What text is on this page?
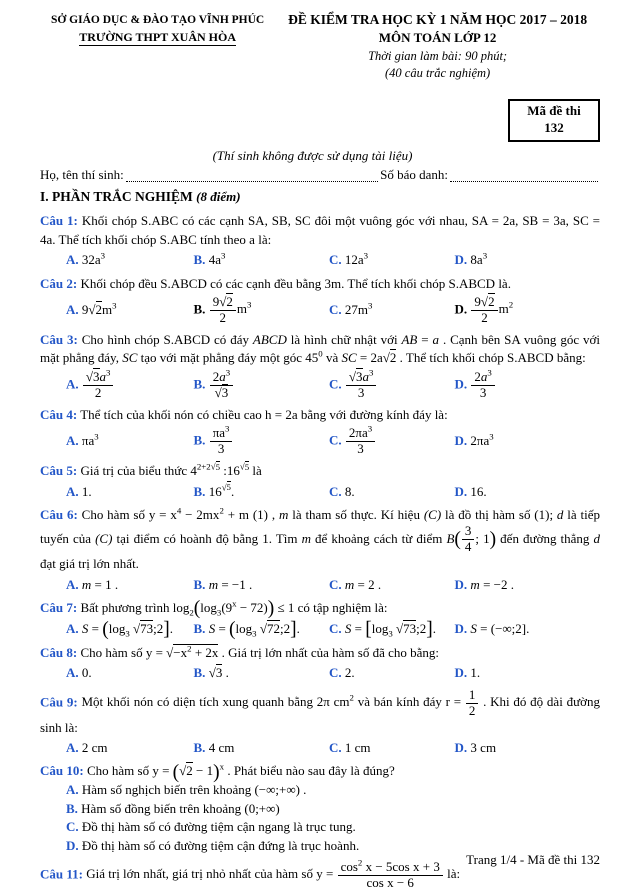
SỞ GIÁO DỤC & ĐÀO TẠO VĨNH PHÚC
TRƯỜNG THPT XUÂN HÒA
ĐỀ KIỂM TRA HỌC KỲ 1 NĂM HỌC 2017 – 2018
MÔN TOÁN LỚP 12
Thời gian làm bài: 90 phút;
(40 câu trắc nghiệm)
Mã đề thi
132
(Thí sinh không được sử dụng tài liệu)
Họ, tên thí sinh:	Số báo danh:
I. PHẦN TRẮC NGHIỆM (8 điểm)
Câu 1: Khối chóp S.ABC có các cạnh SA, SB, SC đôi một vuông góc với nhau, SA = 2a, SB = 3a, SC = 4a. Thể tích khối chóp S.ABC tính theo a là:
A. $32a^3$	B. $4a^3$	C. $12a^3$	D. $8a^3$
Câu 2: Khối chóp đều S.ABCD có các cạnh đều bằng 3m. Thể tích khối chóp S.ABCD là.
A. $9√2m^3$	B. $\frac{9√2}{2} m^3$	C. $27m^3$	D. $\frac{9√2}{2} m^2$
Câu 3: Cho hình chóp S.ABCD có đáy ABCD là hình chữ nhật với AB = a . Cạnh bên SA vuông góc với mặt phẳng đáy, SC tạo với mặt phẳng đáy một góc $45^0$ và SC = 2a√2 . Thể tích khối chóp S.ABCD bằng:
A. $\frac{√3a^3}{2}$	B. $\frac{2a^3}{√3}$	C. $\frac{√3a^3}{3}$	D. $\frac{2a^3}{3}$
Câu 4: Thể tích của khối nón có chiều cao h = 2a bằng với đường kính đáy là:
A. $\pi a^3$	B. $\frac{\pi a^3}{3}$	C. $\frac{2\pi a^3}{3}$	D. $2\pi a^3$
Câu 5: Giá trị của biểu thức $4^{2+2√5}$ $:16^{√5}$ là
A. 1.	B. $16^{√5}$.	C. 8.	D. 16.
Câu 6: Cho hàm số $y = x^4 - 2mx^2 + m$ (1) , m là tham số thực. Kí hiệu (C) là đồ thị hàm số (1); d là tiếp tuyến của (C) tại điểm có hoành độ bằng 1. Tìm m để khoảng cách từ điểm $B( \frac{3}{4}$ ; 1) đến đường thẳng d đạt giá trị lớn nhất.
A. m = 1 .	B. m = −1 .	C. m = 2 .	D. m = −2 .
Câu 7: Bất phương trình $\log_2(\log_3(9^x - 72)) \le 1$ có tập nghiệm là:
A. $S = (\log_3$ √73;2].	B. $S = (\log_3$ √72;2].	C. $S = [\log_3$ √73;2].	D. S = (−∞;2].
Câu 8: Cho hàm số $y = √-x^2 + 2x$ . Giá trị lớn nhất của hàm số đã cho bằng:
A. 0.	B. √3 .	C. 2.	D. 1.
Câu 9: Một khối nón có diện tích xung quanh bằng 2π $cm^2$ và bán kính đáy $r = \frac{1}{2}$ . Khi đó độ dài đường sinh là:
A. 2 cm	B. 4 cm	C. 1 cm	D. 3 cm
Câu 10: Cho hàm số $y = (√2 - 1)^x$ . Phát biểu nào sau đây là đúng?
A. Hàm số nghịch biến trên khoảng (−∞;+∞) .
B. Hàm số đồng biến trên khoảng (0;+∞)
C. Đồ thị hàm số có đường tiệm cận ngang là trục tung.
D. Đồ thị hàm số có đường tiệm cận đứng là trục hoành.
Câu 11: Giá trị lớn nhất, giá trị nhỏ nhất của hàm số $y = \frac{\cos^2 x - 5\cos x + 3}{\text{cos x − 6}}$ là:
Trang 1/4 - Mã đề thi 132
